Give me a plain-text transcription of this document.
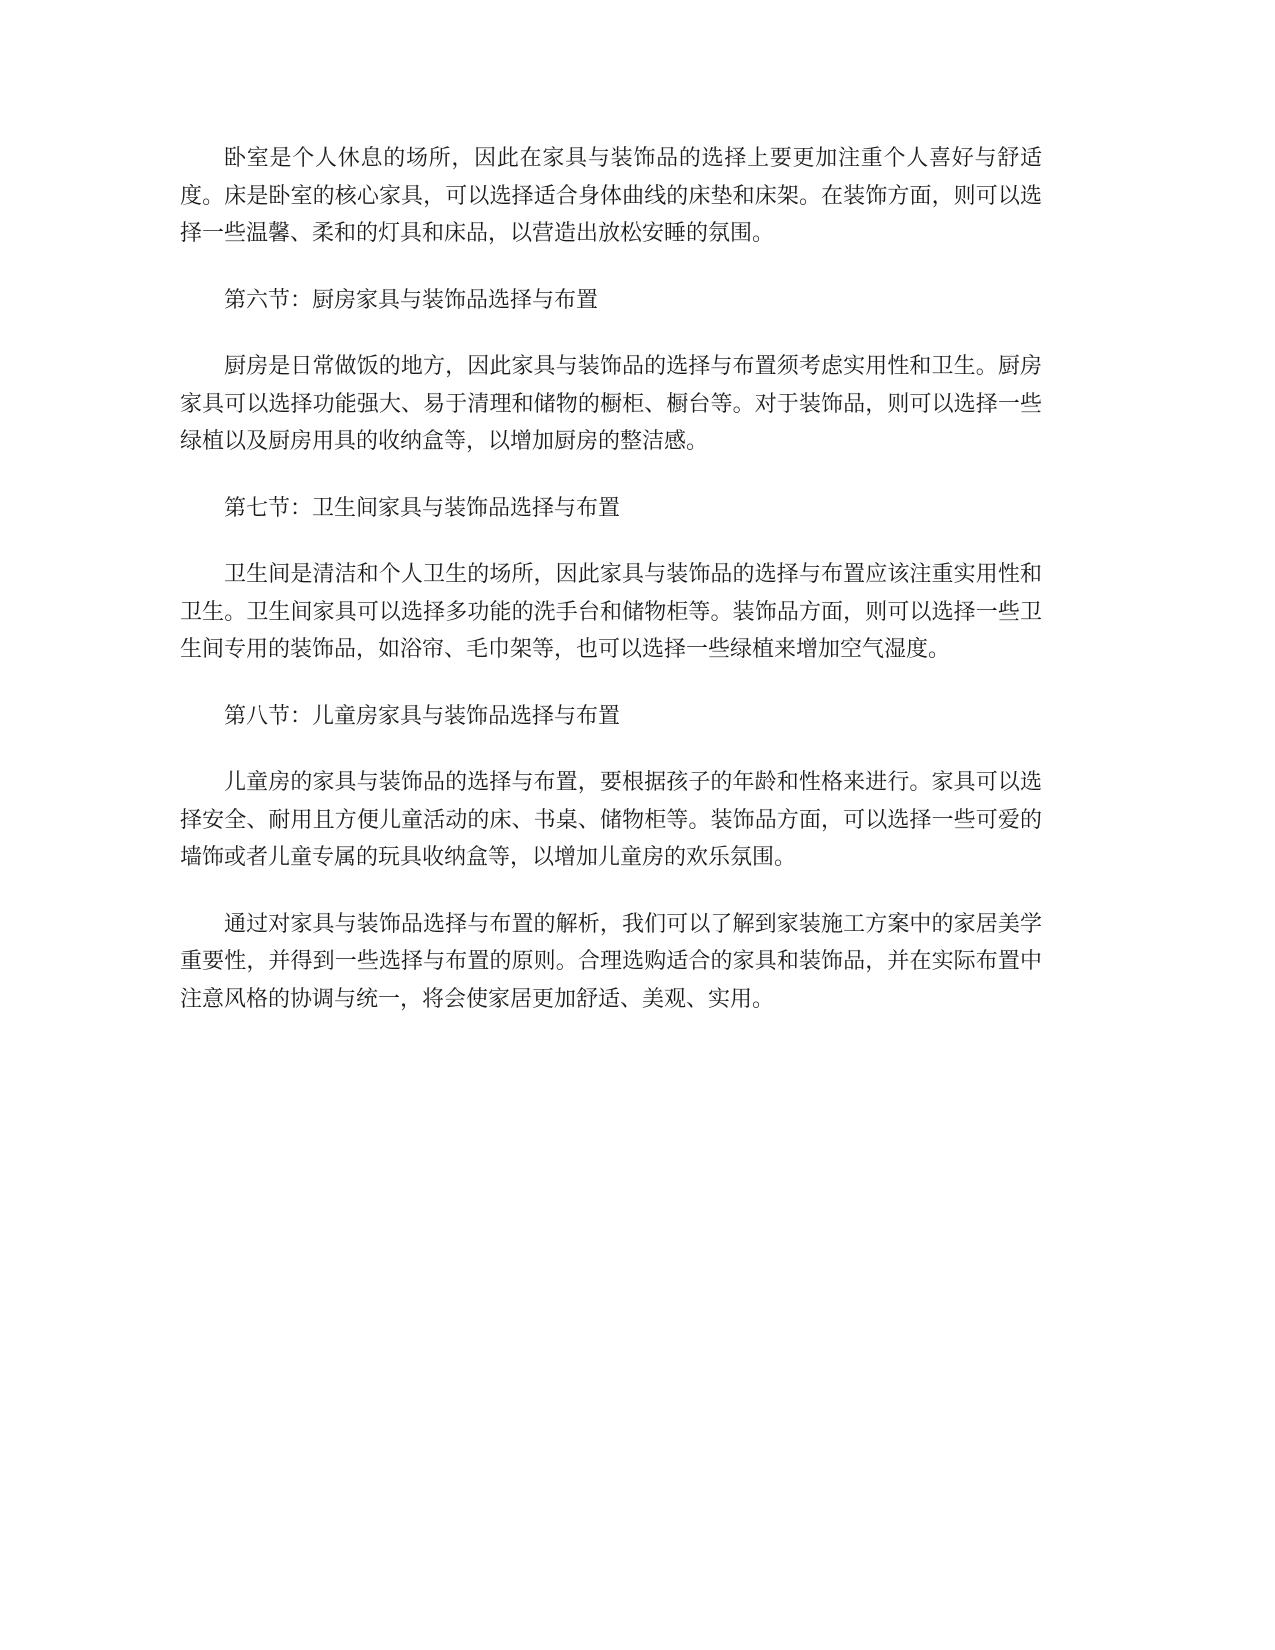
卧室是个人休息的场所，因此在家具与装饰品的选择上要更加注重个人喜好与舒适度。床是卧室的核心家具，可以选择适合身体曲线的床垫和床架。在装饰方面，则可以选择一些温馨、柔和的灯具和床品，以营造出放松安睡的氛围。

第六节：厨房家具与装饰品选择与布置

厨房是日常做饭的地方，因此家具与装饰品的选择与布置须考虑实用性和卫生。厨房家具可以选择功能强大、易于清理和储物的橱柜、橱台等。对于装饰品，则可以选择一些绿植以及厨房用具的收纳盒等，以增加厨房的整洁感。

第七节：卫生间家具与装饰品选择与布置

卫生间是清洁和个人卫生的场所，因此家具与装饰品的选择与布置应该注重实用性和卫生。卫生间家具可以选择多功能的洗手台和储物柜等。装饰品方面，则可以选择一些卫生间专用的装饰品，如浴帘、毛巾架等，也可以选择一些绿植来增加空气湿度。

第八节：儿童房家具与装饰品选择与布置

儿童房的家具与装饰品的选择与布置，要根据孩子的年龄和性格来进行。家具可以选择安全、耐用且方便儿童活动的床、书桌、储物柜等。装饰品方面，可以选择一些可爱的墙饰或者儿童专属的玩具收纳盒等，以增加儿童房的欢乐氛围。

通过对家具与装饰品选择与布置的解析，我们可以了解到家装施工方案中的家居美学重要性，并得到一些选择与布置的原则。合理选购适合的家具和装饰品，并在实际布置中注意风格的协调与统一，将会使家居更加舒适、美观、实用。
